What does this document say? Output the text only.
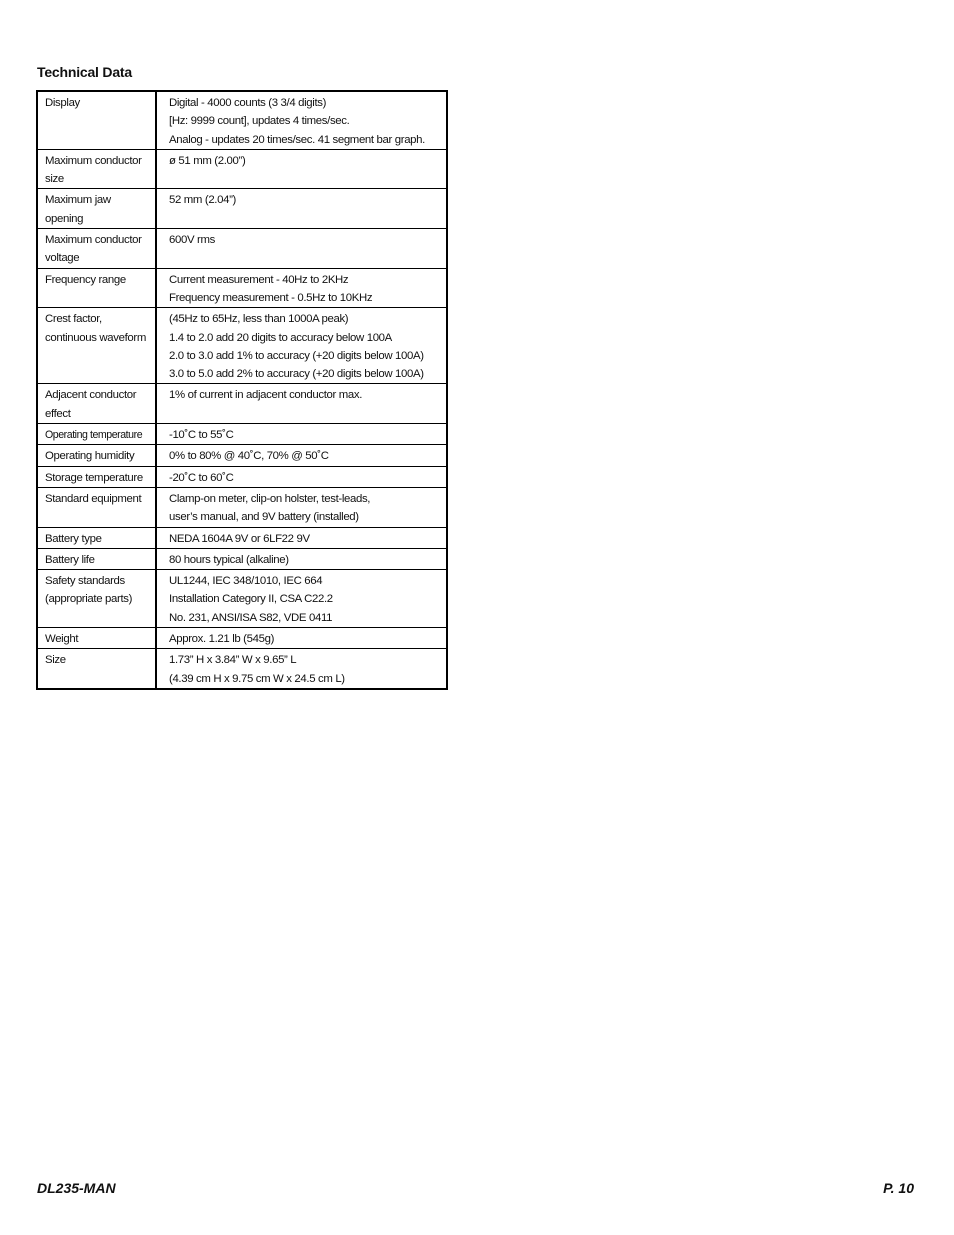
Technical Data
Display	Digital - 4000 counts (3 3/4 digits)
[Hz: 9999 count], updates 4 times/sec.
Analog - updates 20 times/sec. 41 segment bar graph.

Maximum conductor
size	ø 51 mm (2.00”)

Maximum jaw
opening	52 mm (2.04”)

Maximum conductor
voltage	600V rms

Frequency range	Current measurement - 40Hz to 2KHz
Frequency measurement - 0.5Hz to 10KHz

Crest factor,
continuous waveform	(45Hz to 65Hz, less than 1000A peak)
1.4 to 2.0 add 20 digits to accuracy below 100A
2.0 to 3.0 add 1% to accuracy (+20 digits below 100A)
3.0 to 5.0 add 2% to accuracy (+20 digits below 100A)

Adjacent conductor
effect	1% of current in adjacent conductor max.

Operating temperature	-10˚C to 55˚C

Operating humidity	0% to 80% @ 40˚C, 70% @ 50˚C

Storage temperature	-20˚C to 60˚C

Standard equipment	Clamp-on meter, clip-on holster, test-leads,
user’s manual, and 9V battery (installed)

Battery type	NEDA 1604A 9V or 6LF22 9V

Battery life	80 hours typical (alkaline)

Safety standards
(appropriate parts)	UL1244, IEC 348/1010, IEC 664
Installation Category II, CSA C22.2
No. 231, ANSI/ISA S82, VDE 0411

Weight	Approx. 1.21 lb (545g)

Size	1.73” H x 3.84” W x 9.65” L
(4.39 cm H x 9.75 cm W x 24.5 cm L)
DL235-MAN	P. 10
